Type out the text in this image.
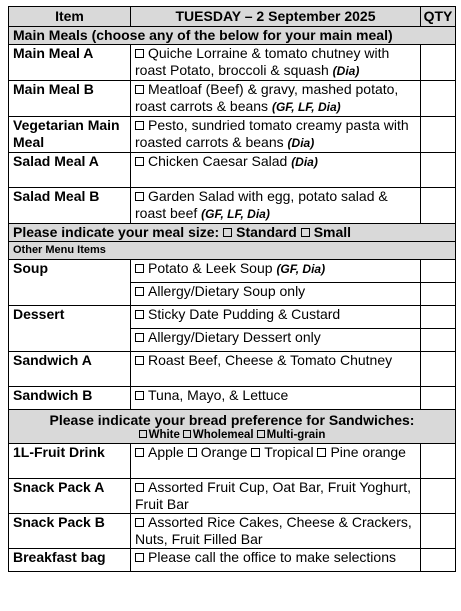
Item	TUESDAY – 2 September 2025	QTY
Main Meals (choose any of the below for your main meal)		
Main Meal A	Quiche Lorraine & tomato chutney with roast Potato, broccoli & squash (Dia)	
Main Meal B	Meatloaf (Beef) & gravy, mashed potato, roast carrots & beans (GF, LF, Dia)	
Vegetarian Main Meal	Pesto, sundried tomato creamy pasta with roasted carrots & beans (Dia)	
Salad Meal A	Chicken Caesar Salad (Dia)	
Salad Meal B	Garden Salad with egg, potato salad & roast beef (GF, LF, Dia)	
Please indicate your meal size: Standard Small		
Other Menu Items		
Soup	Potato & Leek Soup (GF, Dia)	
	Allergy/Dietary Soup only	
Dessert	Sticky Date Pudding & Custard	
	Allergy/Dietary Dessert only	
Sandwich A	Roast Beef, Cheese & Tomato Chutney	
Sandwich B	Tuna, Mayo, & Lettuce	

Please indicate your bread preference for Sandwiches:
White Wholemeal Multi-grain		

1L-Fruit Drink	Apple Orange Tropical Pine orange	
Snack Pack A	Assorted Fruit Cup, Oat Bar, Fruit Yoghurt, Fruit Bar	
Snack Pack B	Assorted Rice Cakes, Cheese & Crackers, Nuts, Fruit Filled Bar	
Breakfast bag	Please call the office to make selections	
